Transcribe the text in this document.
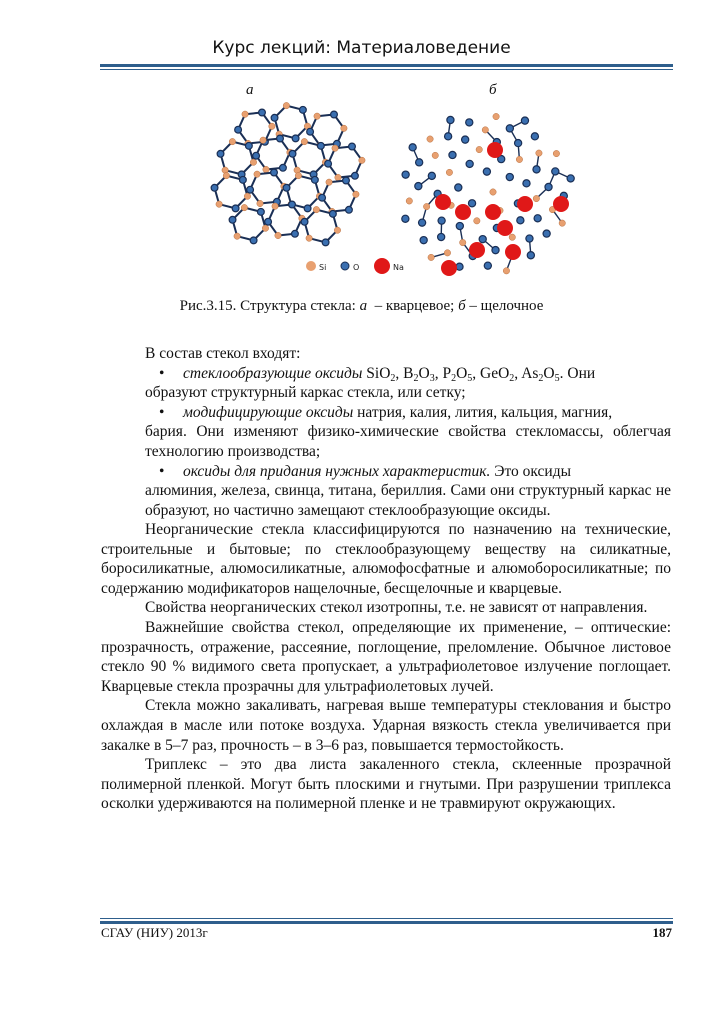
Курс лекций: Материаловедение
а	б
Si	O	Na
Рис.3.15. Структура стекла: а  – кварцевое; б – щелочное
В состав стекол входят:
•	стеклообразующие оксиды SiO$_2$, $B_2O_3$, $P_2O_5$, GeO$_2$, $As_2O_5$. Они
образуют структурный каркас стекла, или сетку;
•	модифицирующие оксиды натрия, калия, лития, кальция, магния,
бария. Они изменяют физико-химические свойства стекломассы, облегчая технологию производства;
•	оксиды для придания нужных характеристик. Это оксиды
алюминия, железа, свинца, титана, бериллия. Сами они структурный каркас не образуют, но частично замещают стеклообразующие оксиды.

Неорганические стекла классифицируются по назначению на технические, строительные и бытовые; по стеклообразующему веществу на силикатные, боросиликатные, алюмосиликатные, алюмофосфатные и алюмоборосиликатные; по содержанию модификаторов нащелочные, бесщелочные и кварцевые.

Свойства неорганических стекол изотропны, т.е. не зависят от направления.

Важнейшие свойства стекол, определяющие их применение, – оптические: прозрачность, отражение, рассеяние, поглощение, преломление. Обычное листовое стекло 90 % видимого света пропускает, а ультрафиолетовое излучение поглощает. Кварцевые стекла прозрачны для ультрафиолетовых лучей.

Стекла можно закаливать, нагревая выше температуры стеклования и быстро охлаждая в масле или потоке воздуха. Ударная вязкость стекла увеличивается при закалке в 5–7 раз, прочность – в 3–6 раз, повышается термостойкость.

Триплекс – это два листа закаленного стекла, склеенные прозрачной полимерной пленкой. Могут быть плоскими и гнутыми. При разрушении триплекса осколки удерживаются на полимерной пленке и не травмируют окружающих.

СГАУ (НИУ) 2013г	187
